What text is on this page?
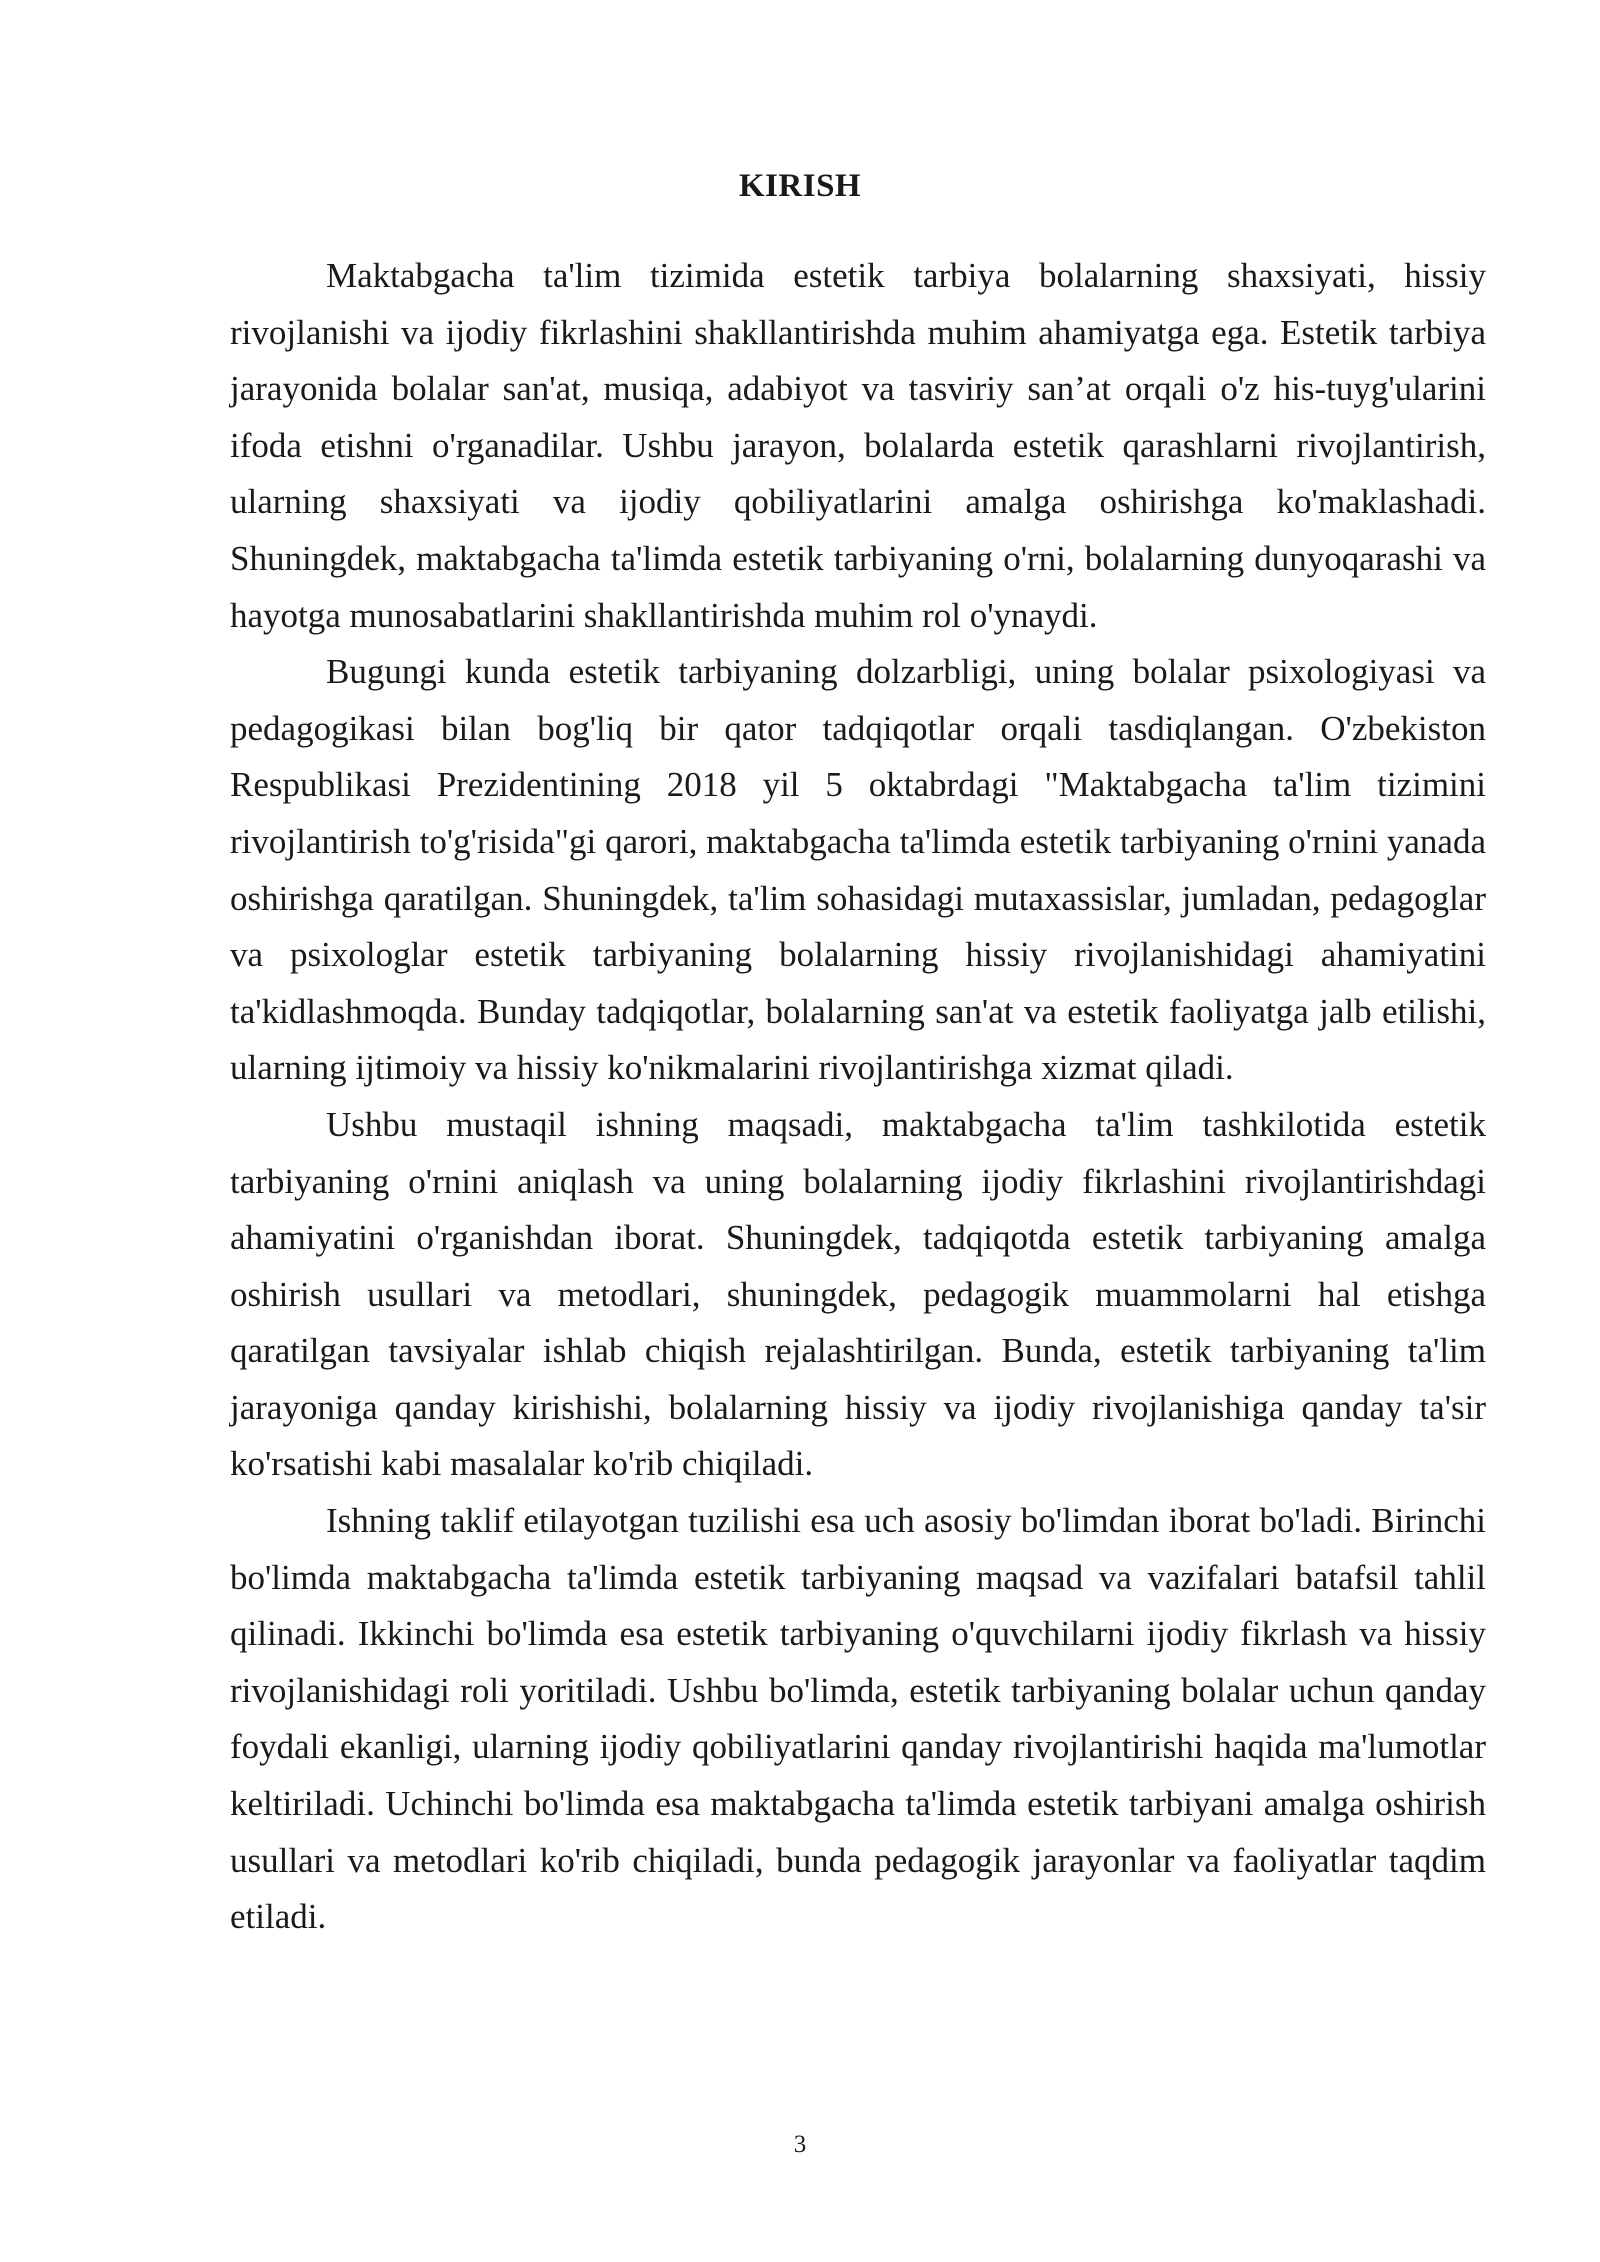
KIRISH

Maktabgacha ta'lim tizimida estetik tarbiya bolalarning shaxsiyati, hissiy rivojlanishi va ijodiy fikrlashini shakllantirishda muhim ahamiyatga ega. Estetik tarbiya jarayonida bolalar san'at, musiqa, adabiyot va tasviriy san’at orqali o'z his-tuyg'ularini ifoda etishni o'rganadilar. Ushbu jarayon, bolalarda estetik qarashlarni rivojlantirish, ularning shaxsiyati va ijodiy qobiliyatlarini amalga oshirishga ko'maklashadi. Shuningdek, maktabgacha ta'limda estetik tarbiyaning o'rni, bolalarning dunyoqarashi va hayotga munosabatlarini shakllantirishda muhim rol o'ynaydi.

Bugungi kunda estetik tarbiyaning dolzarbligi, uning bolalar psixologiyasi va pedagogikasi bilan bog'liq bir qator tadqiqotlar orqali tasdiqlangan. O'zbekiston Respublikasi Prezidentining 2018 yil 5 oktabrdagi "Maktabgacha ta'lim tizimini rivojlantirish to'g'risida"gi qarori, maktabgacha ta'limda estetik tarbiyaning o'rnini yanada oshirishga qaratilgan. Shuningdek, ta'lim sohasidagi mutaxassislar, jumladan, pedagoglar va psixologlar estetik tarbiyaning bolalarning hissiy rivojlanishidagi ahamiyatini ta'kidlashmoqda. Bunday tadqiqotlar, bolalarning san'at va estetik faoliyatga jalb etilishi, ularning ijtimoiy va hissiy ko'nikmalarini rivojlantirishga xizmat qiladi.

Ushbu mustaqil ishning maqsadi, maktabgacha ta'lim tashkilotida estetik tarbiyaning o'rnini aniqlash va uning bolalarning ijodiy fikrlashini rivojlantirishdagi ahamiyatini o'rganishdan iborat. Shuningdek, tadqiqotda estetik tarbiyaning amalga oshirish usullari va metodlari, shuningdek, pedagogik muammolarni hal etishga qaratilgan tavsiyalar ishlab chiqish rejalashtirilgan. Bunda, estetik tarbiyaning ta'lim jarayoniga qanday kirishishi, bolalarning hissiy va ijodiy rivojlanishiga qanday ta'sir ko'rsatishi kabi masalalar ko'rib chiqiladi.

Ishning taklif etilayotgan tuzilishi esa uch asosiy bo'limdan iborat bo'ladi. Birinchi bo'limda maktabgacha ta'limda estetik tarbiyaning maqsad va vazifalari batafsil tahlil qilinadi. Ikkinchi bo'limda esa estetik tarbiyaning o'quvchilarni ijodiy fikrlash va hissiy rivojlanishidagi roli yoritiladi. Ushbu bo'limda, estetik tarbiyaning bolalar uchun qanday foydali ekanligi, ularning ijodiy qobiliyatlarini qanday rivojlantirishi haqida ma'lumotlar keltiriladi. Uchinchi bo'limda esa maktabgacha ta'limda estetik tarbiyani amalga oshirish usullari va metodlari ko'rib chiqiladi, bunda pedagogik jarayonlar va faoliyatlar taqdim etiladi.

3
